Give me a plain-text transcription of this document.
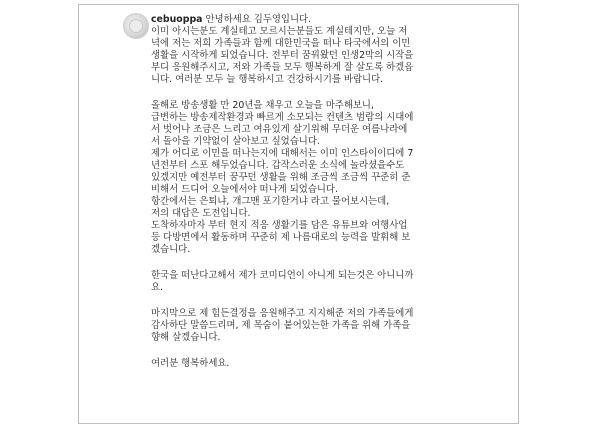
cebuoppa 안녕하세요 김두영입니다.
이미 아시는분도 계실테고 모르시는분들도 계실테지만, 오늘 저
녁에 저는 저희 가족들과 함께 대한민국을 떠나 타국에서의 이민
생활을 시작하게 되었습니다. 전부터 꿈꿔왔던 인생2막의 시작을
부디 응원해주시고, 저와 가족들 모두 행복하게 잘 살도록 하겠읍
니다. 여러분 모두 늘 행복하시고 건강하시기를 바랍니다.
올해로 방송생활 만 20년을 채우고 오늘을 마주해보니,
급변하는 방송제작환경과 빠르게 소모되는 컨텐츠 범람의 시대에
서 벗어나 조금은 느리고 여유있게 살기위해 무더운 여름나라에
서 돌아을 기약없이 살아보고 싶었습니다.
제가 어디로 이민을 떠나는지에 대해서는 이미 인스타이이디에 7
년전부터 스포 해두었습니다. 갑작스러운 소식에 놀라셨을수도
있겠지만 예전부터 꿈꾸던 생활을 위해 조금씩 조금씩 꾸준히 준
비해서 드디어 오늘에서야 떠나게 되었습니다.
항간에서는 은퇴냐, 개그맨 포기한거냐 라고 물어보시는데,
저의 대답은 도전입니다.
도착하자마자 부터 현지 적응 생활기를 담은 유튜브와 여행사업
등 다방면에서 활동하며 꾸준히 제 나름대로의 능력을 발휘해 보
겠습니다.
한국을 떠난다고해서 제가 코미디언이 아니게 되는것은 아니니까
요.
마지막으로 제 힘든결정을 응원해주고 지지해준 저의 가족들에게
감사하단 말씀드리며, 제 목숨이 붙어있는한 가족을 위해 가족을
향해 살겠습니다.
여러분 행복하세요.
